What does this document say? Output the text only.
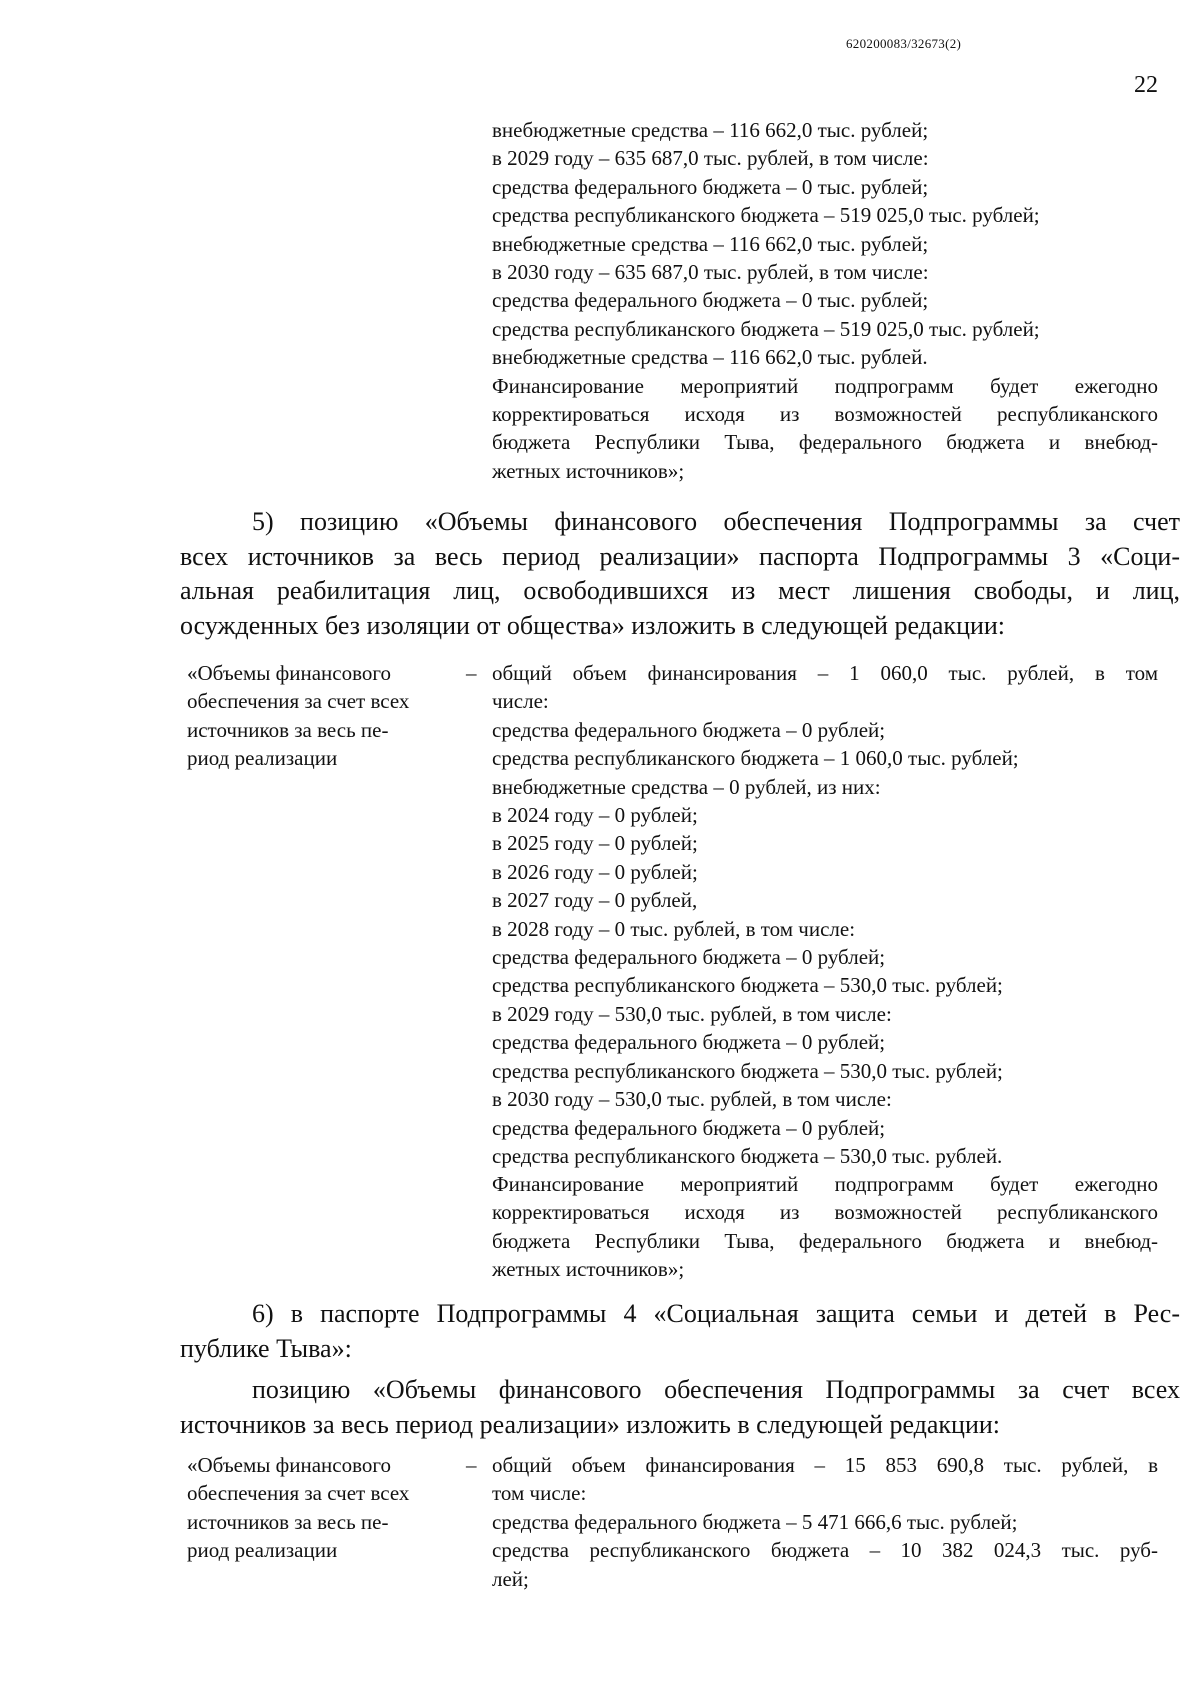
620200083/32673(2)
22
внебюджетные средства – 116 662,0 тыс. рублей;
в 2029 году – 635 687,0 тыс. рублей, в том числе:
средства федерального бюджета – 0 тыс. рублей;
средства республиканского бюджета – 519 025,0 тыс. рублей;
внебюджетные средства – 116 662,0 тыс. рублей;
в 2030 году – 635 687,0 тыс. рублей, в том числе:
средства федерального бюджета – 0 тыс. рублей;
средства республиканского бюджета – 519 025,0 тыс. рублей;
внебюджетные средства – 116 662,0 тыс. рублей.
Финансирование мероприятий подпрограмм будет ежегодно
корректироваться исходя из возможностей республиканского
бюджета Республики Тыва, федерального бюджета и внебюд-
жетных источников»;
5) позицию «Объемы финансового обеспечения Подпрограммы за счет
всех источников за весь период реализации» паспорта Подпрограммы 3 «Соци-
альная реабилитация лиц, освободившихся из мест лишения свободы, и лиц,
осужденных без изоляции от общества» изложить в следующей редакции:
«Объемы финансового
обеспечения за счет всех
источников за весь пе-
риод реализации
– общий объем финансирования – 1 060,0 тыс. рублей, в том
числе:
средства федерального бюджета – 0 рублей;
средства республиканского бюджета – 1 060,0 тыс. рублей;
внебюджетные средства – 0 рублей, из них:
в 2024 году – 0 рублей;
в 2025 году – 0 рублей;
в 2026 году – 0 рублей;
в 2027 году – 0 рублей,
в 2028 году – 0 тыс. рублей, в том числе:
средства федерального бюджета – 0 рублей;
средства республиканского бюджета – 530,0 тыс. рублей;
в 2029 году – 530,0 тыс. рублей, в том числе:
средства федерального бюджета – 0 рублей;
средства республиканского бюджета – 530,0 тыс. рублей;
в 2030 году – 530,0 тыс. рублей, в том числе:
средства федерального бюджета – 0 рублей;
средства республиканского бюджета – 530,0 тыс. рублей.
Финансирование мероприятий подпрограмм будет ежегодно
корректироваться исходя из возможностей республиканского
бюджета Республики Тыва, федерального бюджета и внебюд-
жетных источников»;
6) в паспорте Подпрограммы 4 «Социальная защита семьи и детей в Рес-
публике Тыва»:
позицию «Объемы финансового обеспечения Подпрограммы за счет всех
источников за весь период реализации» изложить в следующей редакции:
«Объемы финансового
обеспечения за счет всех
источников за весь пе-
риод реализации
– общий объем финансирования – 15 853 690,8 тыс. рублей, в
том числе:
средства федерального бюджета – 5 471 666,6 тыс. рублей;
средства республиканского бюджета – 10 382 024,3 тыс. руб-
лей;
